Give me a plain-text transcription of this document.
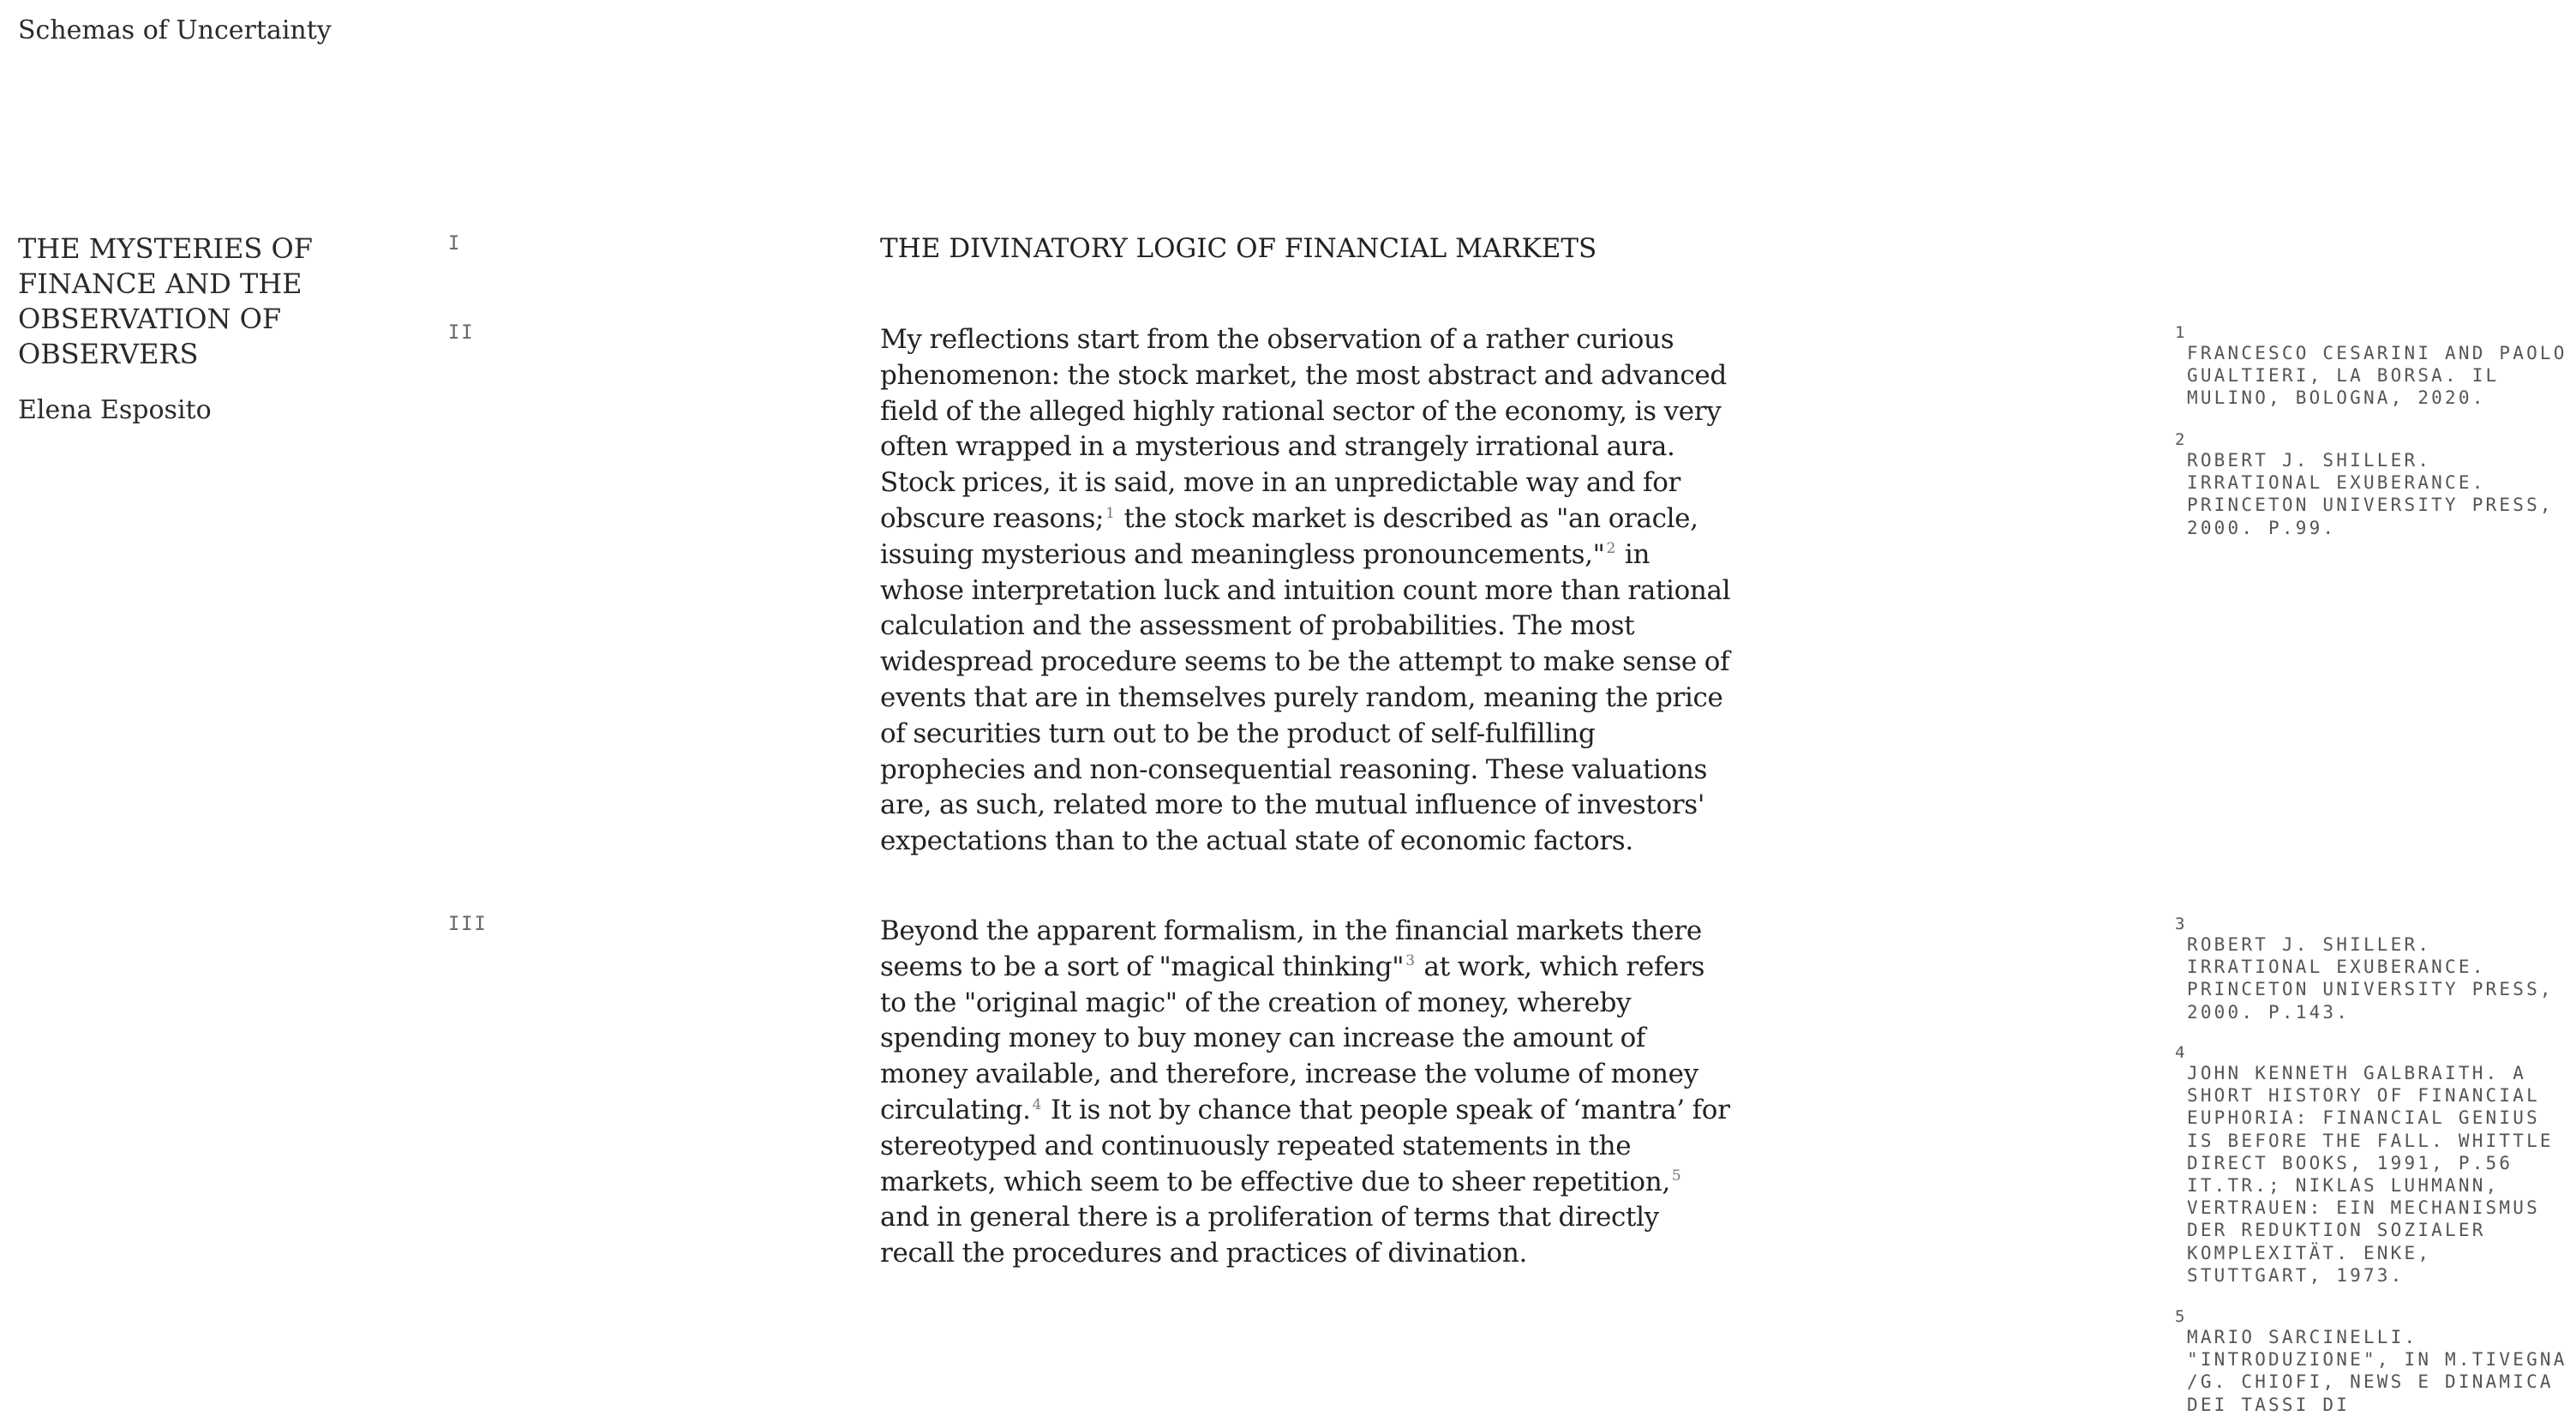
Schemas of Uncertainty
THE MYSTERIES OF FINANCE AND THE OBSERVATION OF OBSERVERS
Elena Esposito
I
II
III
THE DIVINATORY LOGIC OF FINANCIAL MARKETS

My reflections start from the observation of a rather curious phenomenon: the stock market, the most abstract and advanced field of the alleged highly rational sector of the economy, is very often wrapped in a mysterious and strangely irrational aura. Stock prices, it is said, move in an unpredictable way and for obscure reasons; $^1$ the stock market is described as "an oracle, issuing mysterious and meaningless pronouncements," $^2$ in whose interpretation luck and intuition count more than rational calculation and the assessment of probabilities. The most widespread procedure seems to be the attempt to make sense of events that are in themselves purely random, meaning the price of securities turn out to be the product of self-fulfilling prophecies and non-consequential reasoning. These valuations are, as such, related more to the mutual influence of investors' expectations than to the actual state of economic factors.

Beyond the apparent formalism, in the financial markets there seems to be a sort of "magical thinking" $^3$ at work, which refers to the "original magic" of the creation of money, whereby spending money to buy money can increase the amount of money available, and therefore, increase the volume of money circulating. $^4$ It is not by chance that people speak of ‘mantra’ for stereotyped and continuously repeated statements in the markets, which seem to be effective due to sheer repetition, $^5$ and in general there is a proliferation of terms that directly recall the procedures and practices of divination.

1
FRANCESCO CESARINI AND PAOLO GUALTIERI, LA BORSA. IL MULINO, BOLOGNA, 2020.
2
ROBERT J. SHILLER. IRRATIONAL EXUBERANCE. PRINCETON UNIVERSITY PRESS, 2000. P.99.
3
ROBERT J. SHILLER. IRRATIONAL EXUBERANCE. PRINCETON UNIVERSITY PRESS, 2000. P.143.
4
JOHN KENNETH GALBRAITH. A SHORT HISTORY OF FINANCIAL EUPHORIA: FINANCIAL GENIUS IS BEFORE THE FALL. WHITTLE DIRECT BOOKS, 1991, P.56 IT.TR.; NIKLAS LUHMANN, VERTRAUEN: EIN MECHANISMUS DER REDUKTION SOZIALER KOMPLEXITÄT. ENKE, STUTTGART, 1973.
5
MARIO SARCINELLI. "INTRODUZIONE", IN M.TIVEGNA /G. CHIOFI, NEWS E DINAMICA DEI TASSI DI
